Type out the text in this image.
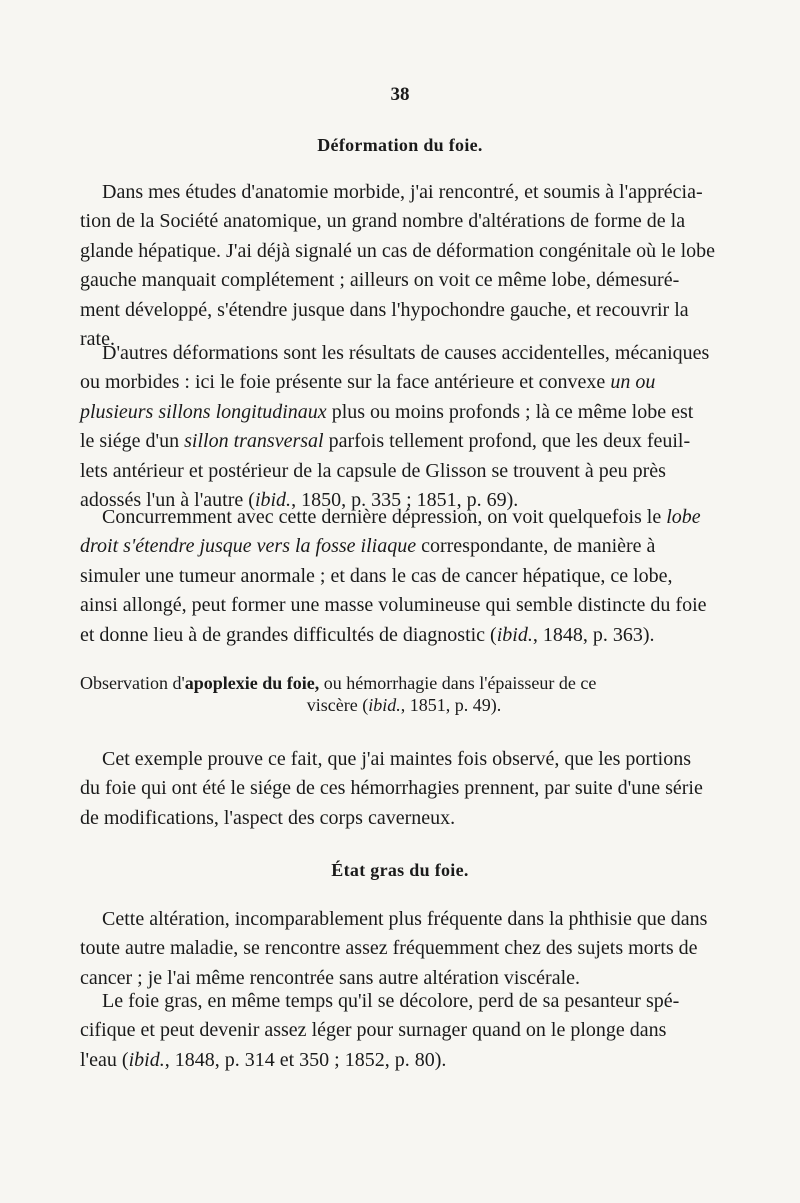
38
Déformation du foie.
Dans mes études d'anatomie morbide, j'ai rencontré, et soumis à l'apprécia-
tion de la Société anatomique, un grand nombre d'altérations de forme de la
glande hépatique. J'ai déjà signalé un cas de déformation congénitale où le lobe
gauche manquait complétement ; ailleurs on voit ce même lobe, démesuré-
ment développé, s'étendre jusque dans l'hypochondre gauche, et recouvrir la
rate.
D'autres déformations sont les résultats de causes accidentelles, mécaniques
ou morbides : ici le foie présente sur la face antérieure et convexe un ou
plusieurs sillons longitudinaux plus ou moins profonds ; là ce même lobe est
le siége d'un sillon transversal parfois tellement profond, que les deux feuil-
lets antérieur et postérieur de la capsule de Glisson se trouvent à peu près
adossés l'un à l'autre (ibid., 1850, p. 335 ; 1851, p. 69).
Concurremment avec cette dernière dépression, on voit quelquefois le lobe
droit s'étendre jusque vers la fosse iliaque correspondante, de manière à
simuler une tumeur anormale ; et dans le cas de cancer hépatique, ce lobe,
ainsi allongé, peut former une masse volumineuse qui semble distincte du foie
et donne lieu à de grandes difficultés de diagnostic (ibid., 1848, p. 363).
Observation d'apoplexie du foie, ou hémorrhagie dans l'épaisseur de ce
viscère (ibid., 1851, p. 49).
Cet exemple prouve ce fait, que j'ai maintes fois observé, que les portions
du foie qui ont été le siége de ces hémorrhagies prennent, par suite d'une série
de modifications, l'aspect des corps caverneux.
État gras du foie.
Cette altération, incomparablement plus fréquente dans la phthisie que dans
toute autre maladie, se rencontre assez fréquemment chez des sujets morts de
cancer ; je l'ai même rencontrée sans autre altération viscérale.
Le foie gras, en même temps qu'il se décolore, perd de sa pesanteur spé-
cifique et peut devenir assez léger pour surnager quand on le plonge dans
l'eau (ibid., 1848, p. 314 et 350 ; 1852, p. 80).
